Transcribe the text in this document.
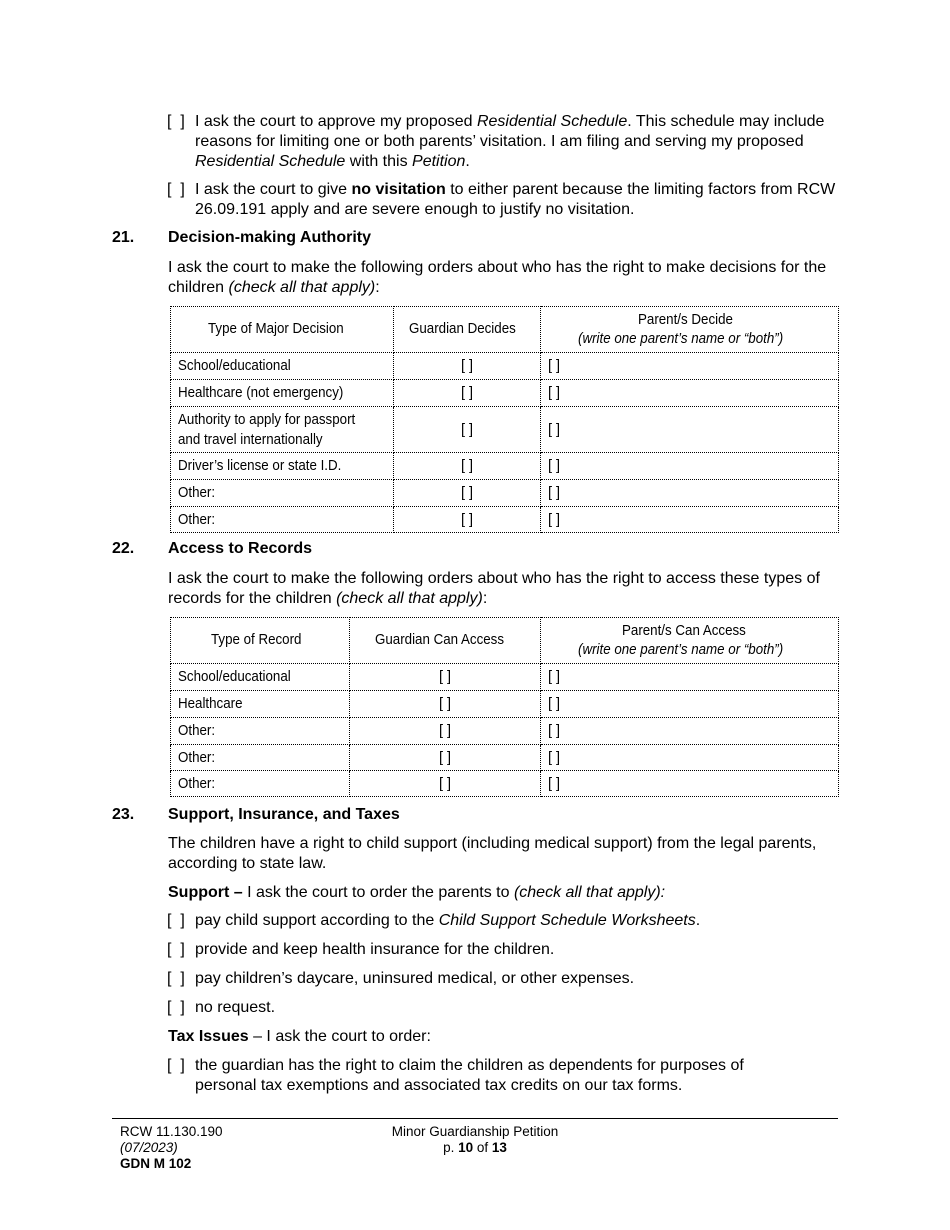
[  ] I ask the court to approve my proposed Residential Schedule. This schedule may include reasons for limiting one or both parents’ visitation. I am filing and serving my proposed Residential Schedule with this Petition.
[  ] I ask the court to give no visitation to either parent because the limiting factors from RCW 26.09.191 apply and are severe enough to justify no visitation.
21. Decision-making Authority
I ask the court to make the following orders about who has the right to make decisions for the children (check all that apply):
Type of Major Decision	Guardian Decides	Parent/s Decide
(write one parent’s name or “both”)
School/educational	[ ]	[ ]
Healthcare (not emergency)	[ ]	[ ]
Authority to apply for passport
and travel internationally	[ ]	[ ]
Driver’s license or state I.D.	[ ]	[ ]
Other:	[ ]	[ ]
Other:	[ ]	[ ]
22. Access to Records
I ask the court to make the following orders about who has the right to access these types of records for the children (check all that apply):
Type of Record	Guardian Can Access	Parent/s Can Access
(write one parent’s name or “both”)
School/educational	[ ]	[ ]
Healthcare	[ ]	[ ]
Other:	[ ]	[ ]
Other:	[ ]	[ ]
Other:	[ ]	[ ]
23. Support, Insurance, and Taxes
The children have a right to child support (including medical support) from the legal parents, according to state law.
Support – I ask the court to order the parents to (check all that apply):
[  ] pay child support according to the Child Support Schedule Worksheets.
[  ] provide and keep health insurance for the children.
[  ] pay children’s daycare, uninsured medical, or other expenses.
[  ] no request.
Tax Issues – I ask the court to order:
[  ] the guardian has the right to claim the children as dependents for purposes of personal tax exemptions and associated tax credits on our tax forms.
RCW 11.130.190
(07/2023)
GDN M 102
Minor Guardianship Petition
p. 10 of 13
